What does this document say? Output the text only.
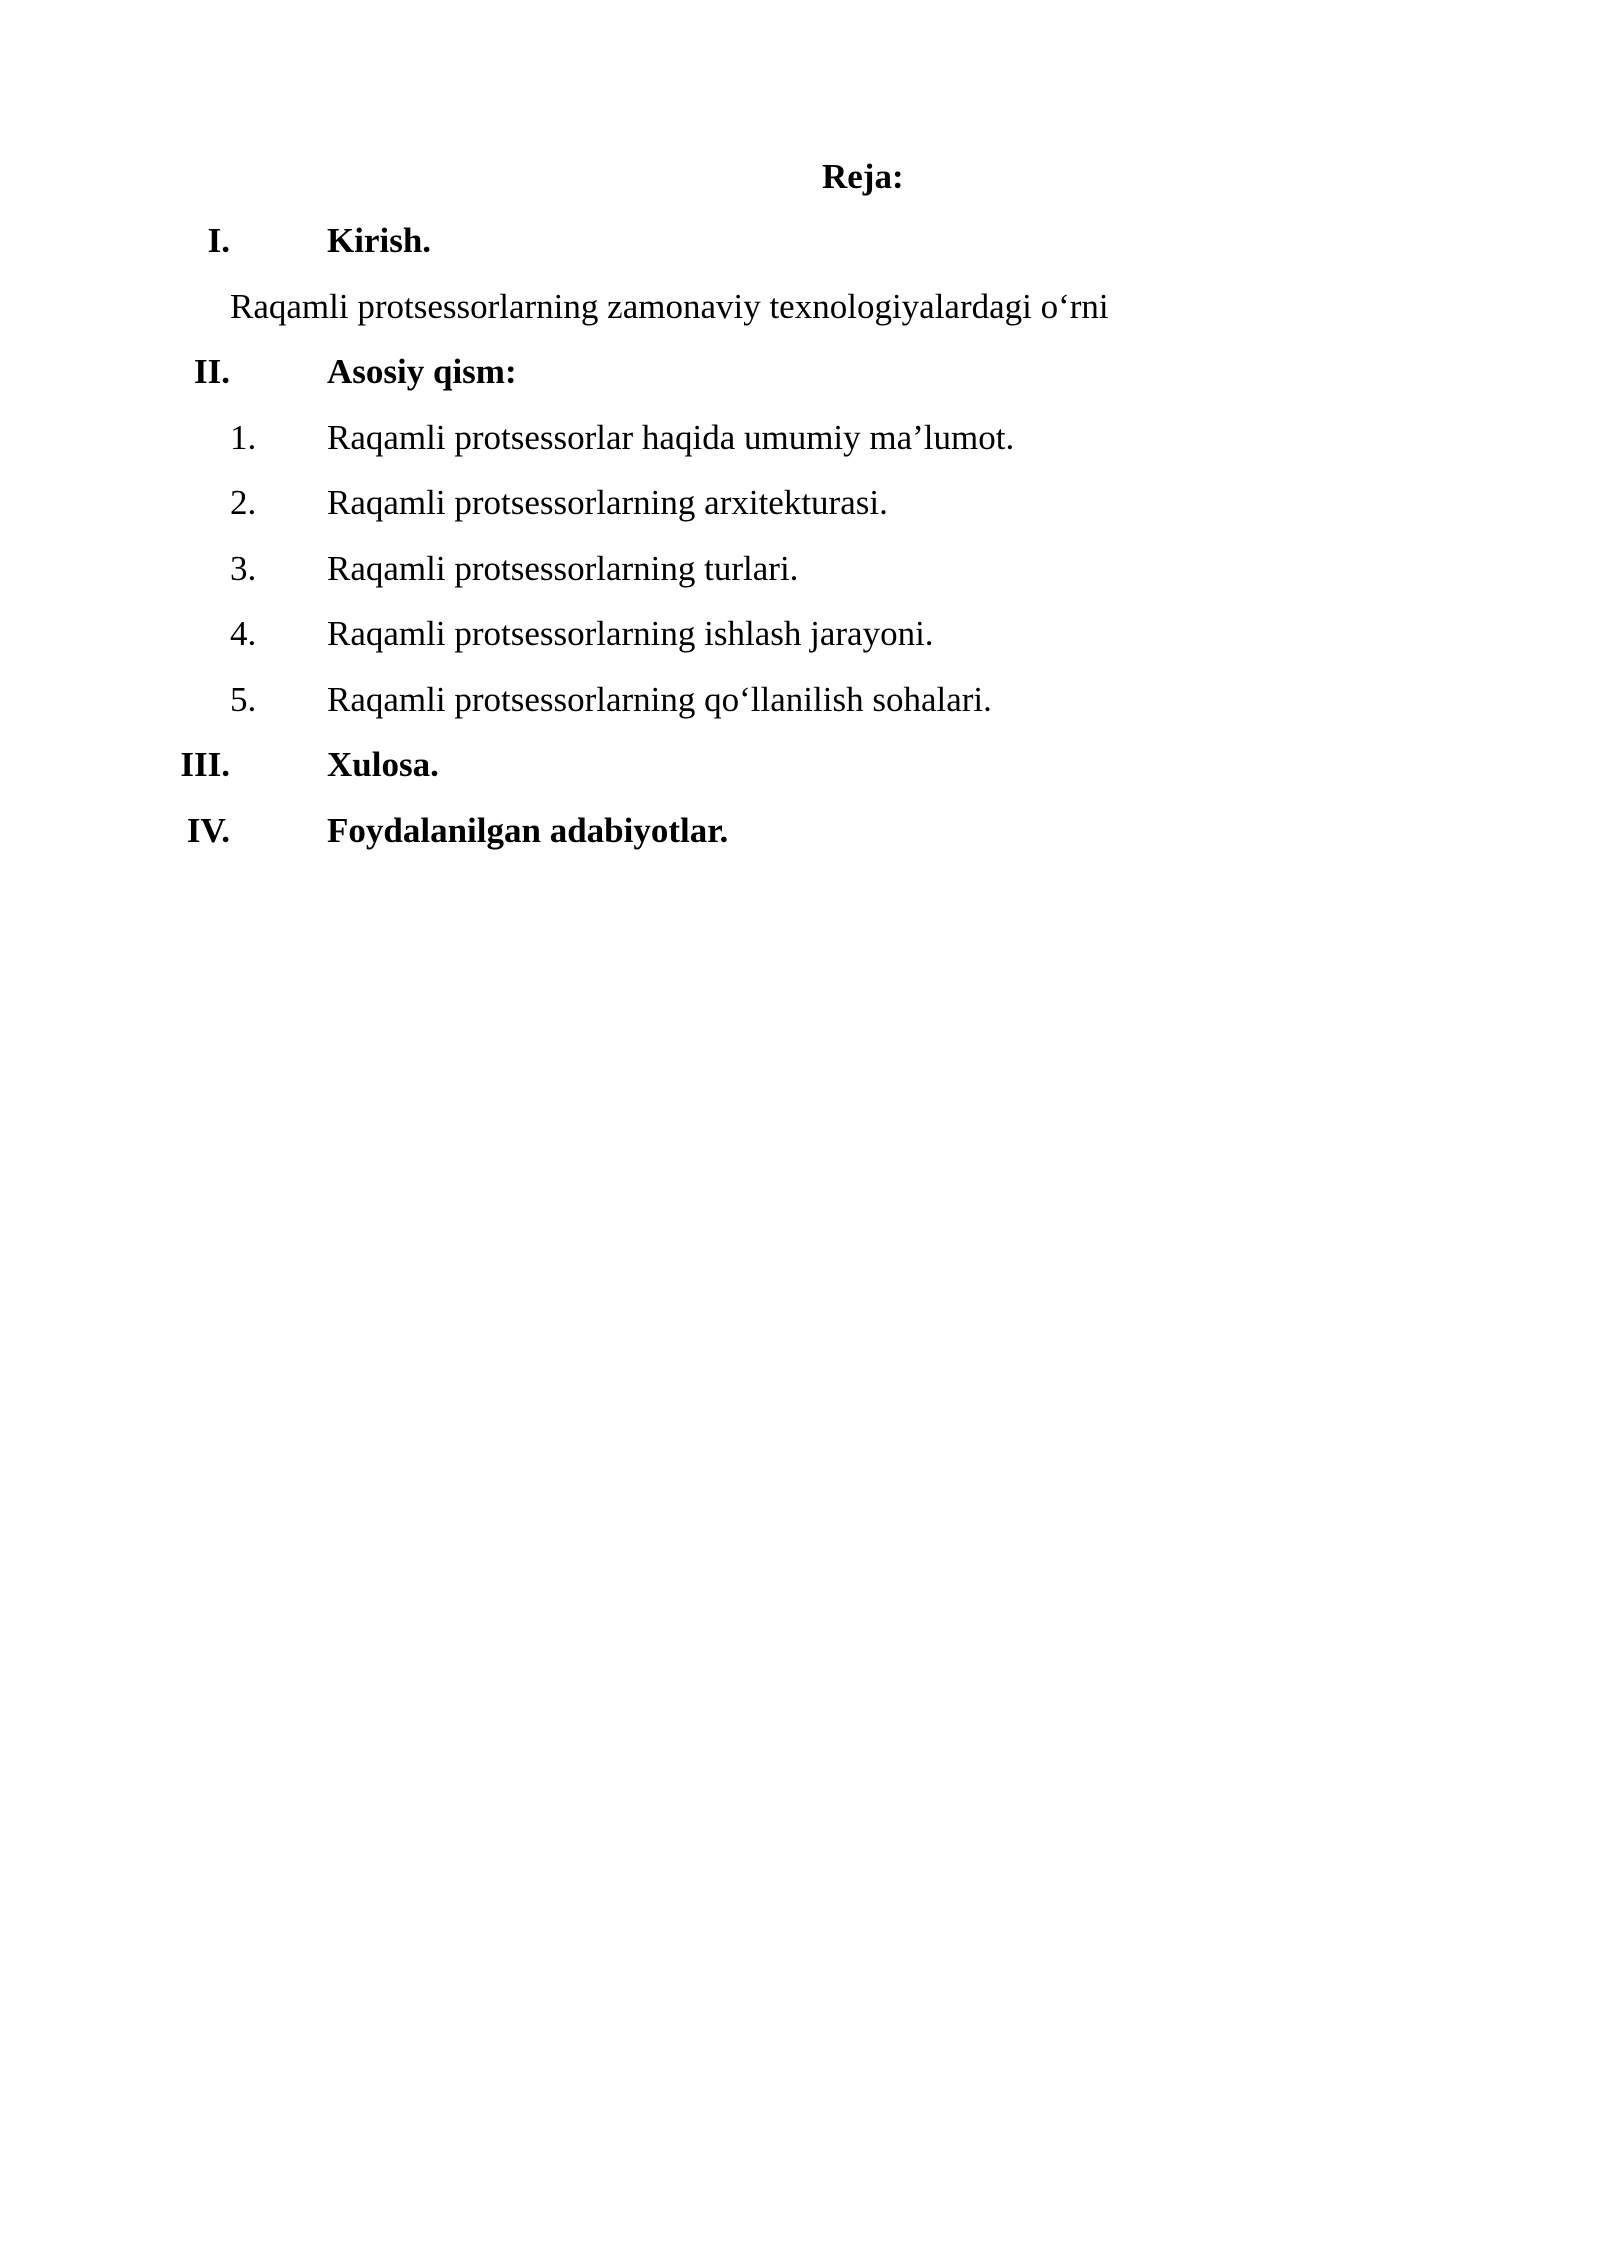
Reja:
I.	Kirish.
Raqamli protsessorlarning zamonaviy texnologiyalardagi o‘rni
II.	Asosiy qism:
1. Raqamli protsessorlar haqida umumiy ma’lumot.
2. Raqamli protsessorlarning arxitekturasi.
3. Raqamli protsessorlarning turlari.
4. Raqamli protsessorlarning ishlash jarayoni.
5. Raqamli protsessorlarning qo‘llanilish sohalari.
III.	Xulosa.
IV.	Foydalanilgan adabiyotlar.
